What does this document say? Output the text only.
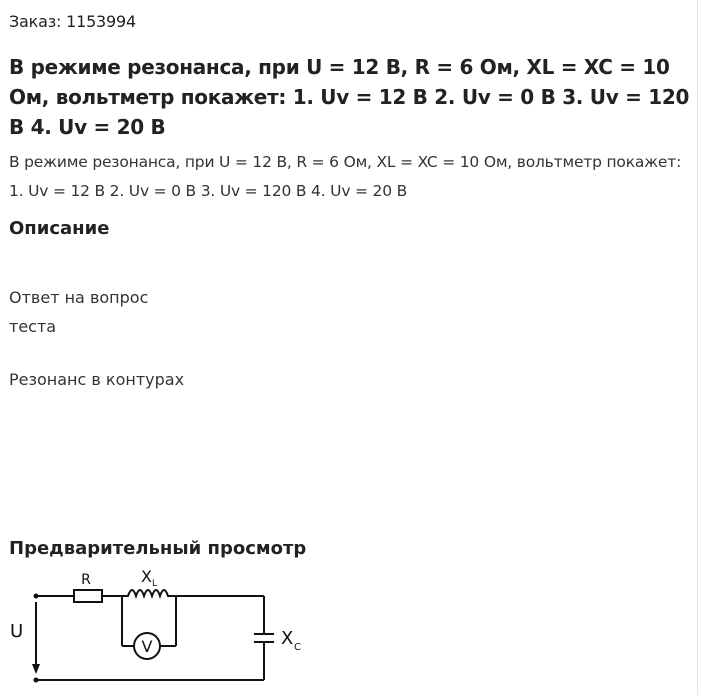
Заказ: 1153994
В режиме резонанса, при U = 12 В, R = 6 Ом, XL = XC = 10 Ом, вольтметр покажет: 1. Uv = 12 В 2. Uv = 0 В 3. Uv = 120 В 4. Uv = 20 В

В режиме резонанса, при U = 12 В, R = 6 Ом, XL = XC = 10 Ом, вольтметр покажет: 1. Uv = 12 В 2. Uv = 0 В 3. Uv = 120 В 4. Uv = 20 В

Описание

Ответ на вопрос
теста

Резонанс в контурах

Предварительный просмотр
R	X L
V
U	X C
